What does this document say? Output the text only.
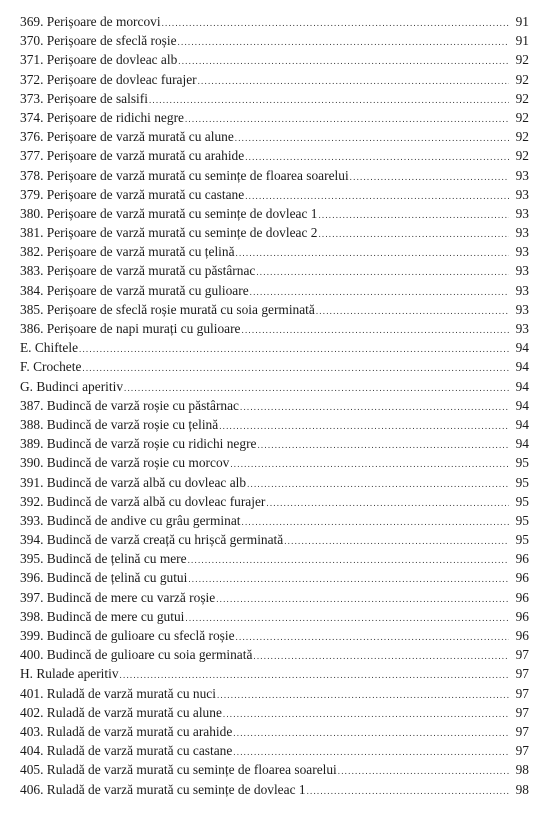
369. Perișoare de morcovi .....	91
370. Perișoare de sfeclă roșie .....	91
371. Perișoare de dovleac alb .....	92
372. Perișoare de dovleac furajer .....	92
373. Perișoare de salsifi .....	92
374. Perișoare de ridichi negre .....	92
376. Perișoare de varză murată cu alune .....	92
377. Perișoare de varză murată cu arahide .....	92
378. Perișoare de varză murată cu semințe de floarea soarelui .....	93
379. Perișoare de varză murată cu castane .....	93
380. Perișoare de varză murată cu semințe de dovleac 1 .....	93
381. Perișoare de varză murată cu semințe de dovleac 2 .....	93
382. Perișoare de varză murată cu țelină .....	93
383. Perișoare de varză murată cu păstârnac .....	93
384. Perișoare de varză murată cu gulioare .....	93
385. Perișoare de sfeclă roșie murată cu soia germinată .....	93
386. Perișoare de napi murați cu gulioare .....	93
E. Chiftele .....	94
F. Crochete .....	94
G. Budinci aperitiv .....	94
387. Budincă de varză roșie cu păstârnac .....	94
388. Budincă de varză roșie cu țelină .....	94
389. Budincă de varză roșie cu ridichi negre .....	94
390. Budincă de varză roșie cu morcov .....	95
391. Budincă de varză albă cu dovleac alb .....	95
392. Budincă de varză albă cu dovleac furajer .....	95
393. Budincă de andive cu grâu germinat .....	95
394. Budincă de varză creață cu hrișcă germinată .....	95
395. Budincă de țelină cu mere .....	96
396. Budincă de țelină cu gutui .....	96
397. Budincă de mere cu varză roșie .....	96
398. Budincă de mere cu gutui .....	96
399. Budincă de gulioare cu sfeclă roșie .....	96
400. Budincă de gulioare cu soia germinată .....	97
H. Rulade aperitiv .....	97
401. Ruladă de varză murată cu nuci .....	97
402. Ruladă de varză murată cu alune .....	97
403. Ruladă de varză murată cu arahide .....	97
404. Ruladă de varză murată cu castane .....	97
405. Ruladă de varză murată cu semințe de floarea soarelui .....	98
406. Ruladă de varză murată cu semințe de dovleac 1 .....	98
